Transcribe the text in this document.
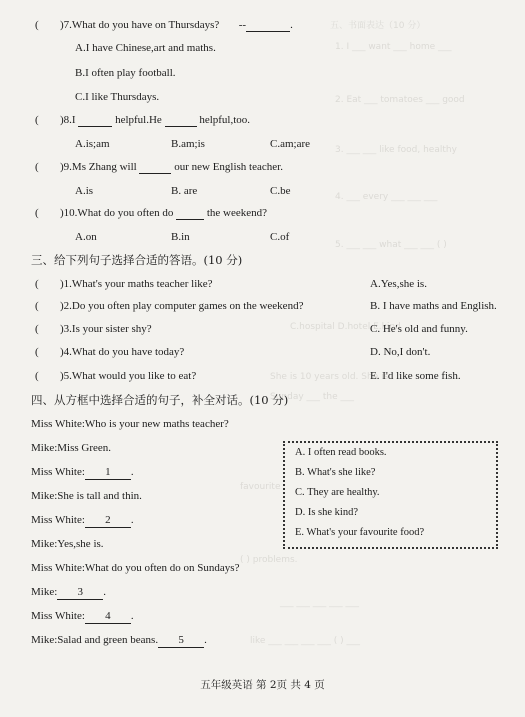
五、书面表达（10 分）
1. I ___ want ___ home ___
2. Eat ___ tomatoes ___ good
3. ___ ___ like food, healthy
4. ___ every ___ ___ ___
5. ___ ___ what ___ ___ ( )
C.hospital D.hotel E.kind
She is 10 years old. She is
Sunday ___ the ___
favourite
( ) problems.
___ ___ ___ ___ ___
like ___ ___ ___ ___ ( ) ___
( )7.What do you have on Thursdays? --	.
A.I have Chinese,art and maths.
B.I often play football.
C.I like Thursdays.
( )8.I	helpful.He	helpful,too.
A.is;am	B.am;is	C.am;are
( )9.Ms Zhang will	our new English teacher.
A.is	B. are	C.be
( )10.What do you often do	the weekend?
A.on	B.in	C.of
三、给下列句子选择合适的答语。(10 分)
( )1.What's your maths teacher like?	A.Yes,she is.
( )2.Do you often play computer games on the weekend?	B. I have maths and English.
( )3.Is your sister shy?	C. He's old and funny.
( )4.What do you have today?	D. No,I don't.
( )5.What would you like to eat?	E. I'd like some fish.
四、从方框中选择合适的句子，补全对话。(10 分)
Miss White:Who is your new maths teacher?
Mike:Miss Green.
Miss White: 1 .
Mike:She is tall and thin.
Miss White: 2 .
Mike:Yes,she is.
Miss White:What do you often do on Sundays?
Mike: 3 .
Miss White: 4 .
Mike:Salad and green beans. 5 .
A. I often read books.
B. What's she like?
C. They are healthy.
D. Is she kind?
E. What's your favourite food?
五年级英语 第 2页 共 4 页
